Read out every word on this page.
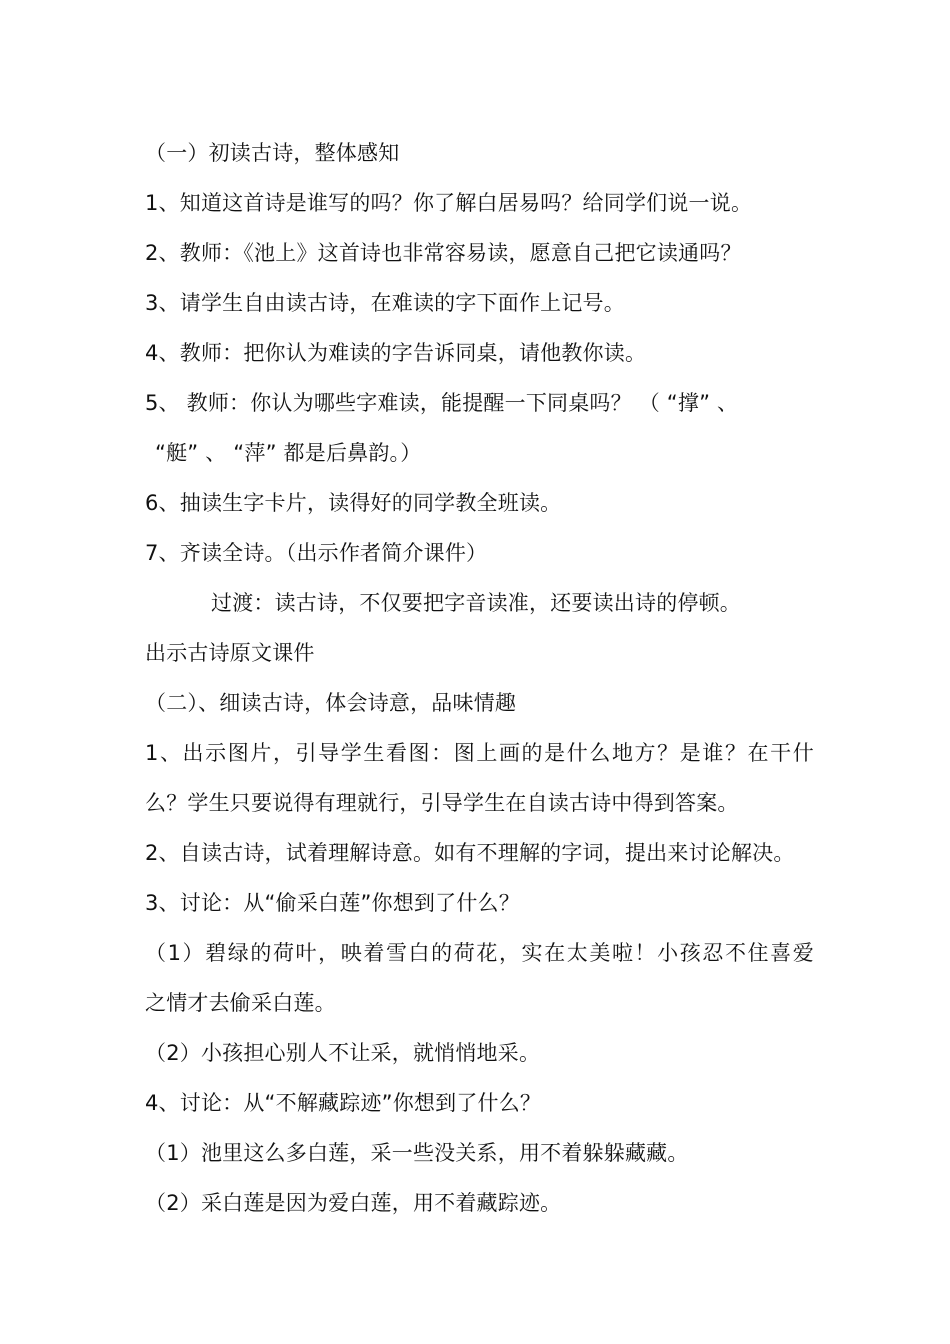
（一）初读古诗，整体感知
1、知道这首诗是谁写的吗？你了解白居易吗？给同学们说一说。
2、教师：《池上》这首诗也非常容易读，愿意自己把它读通吗？
3、请学生自由读古诗，在难读的字下面作上记号。
4、教师：把你认为难读的字告诉同桌，请他教你读。
5、 教师：你认为哪些字难读，能提醒一下同桌吗？ （ “撑” 、
“艇” 、 “萍” 都是后鼻韵。）
6、抽读生字卡片，读得好的同学教全班读。
7、齐读全诗。（出示作者简介课件）
过渡：读古诗，不仅要把字音读准，还要读出诗的停顿。
出示古诗原文课件
（二）、细读古诗，体会诗意，品味情趣
1、出示图片，引导学生看图：图上画的是什么地方？是谁？在干什
么？学生只要说得有理就行，引导学生在自读古诗中得到答案。
2、自读古诗，试着理解诗意。如有不理解的字词，提出来讨论解决。
3、讨论：从“偷采白莲”你想到了什么？
（1）碧绿的荷叶，映着雪白的荷花，实在太美啦！小孩忍不住喜爱
之情才去偷采白莲。
（2）小孩担心别人不让采，就悄悄地采。
4、讨论：从“不解藏踪迹”你想到了什么？
（1）池里这么多白莲，采一些没关系，用不着躲躲藏藏。
（2）采白莲是因为爱白莲，用不着藏踪迹。
